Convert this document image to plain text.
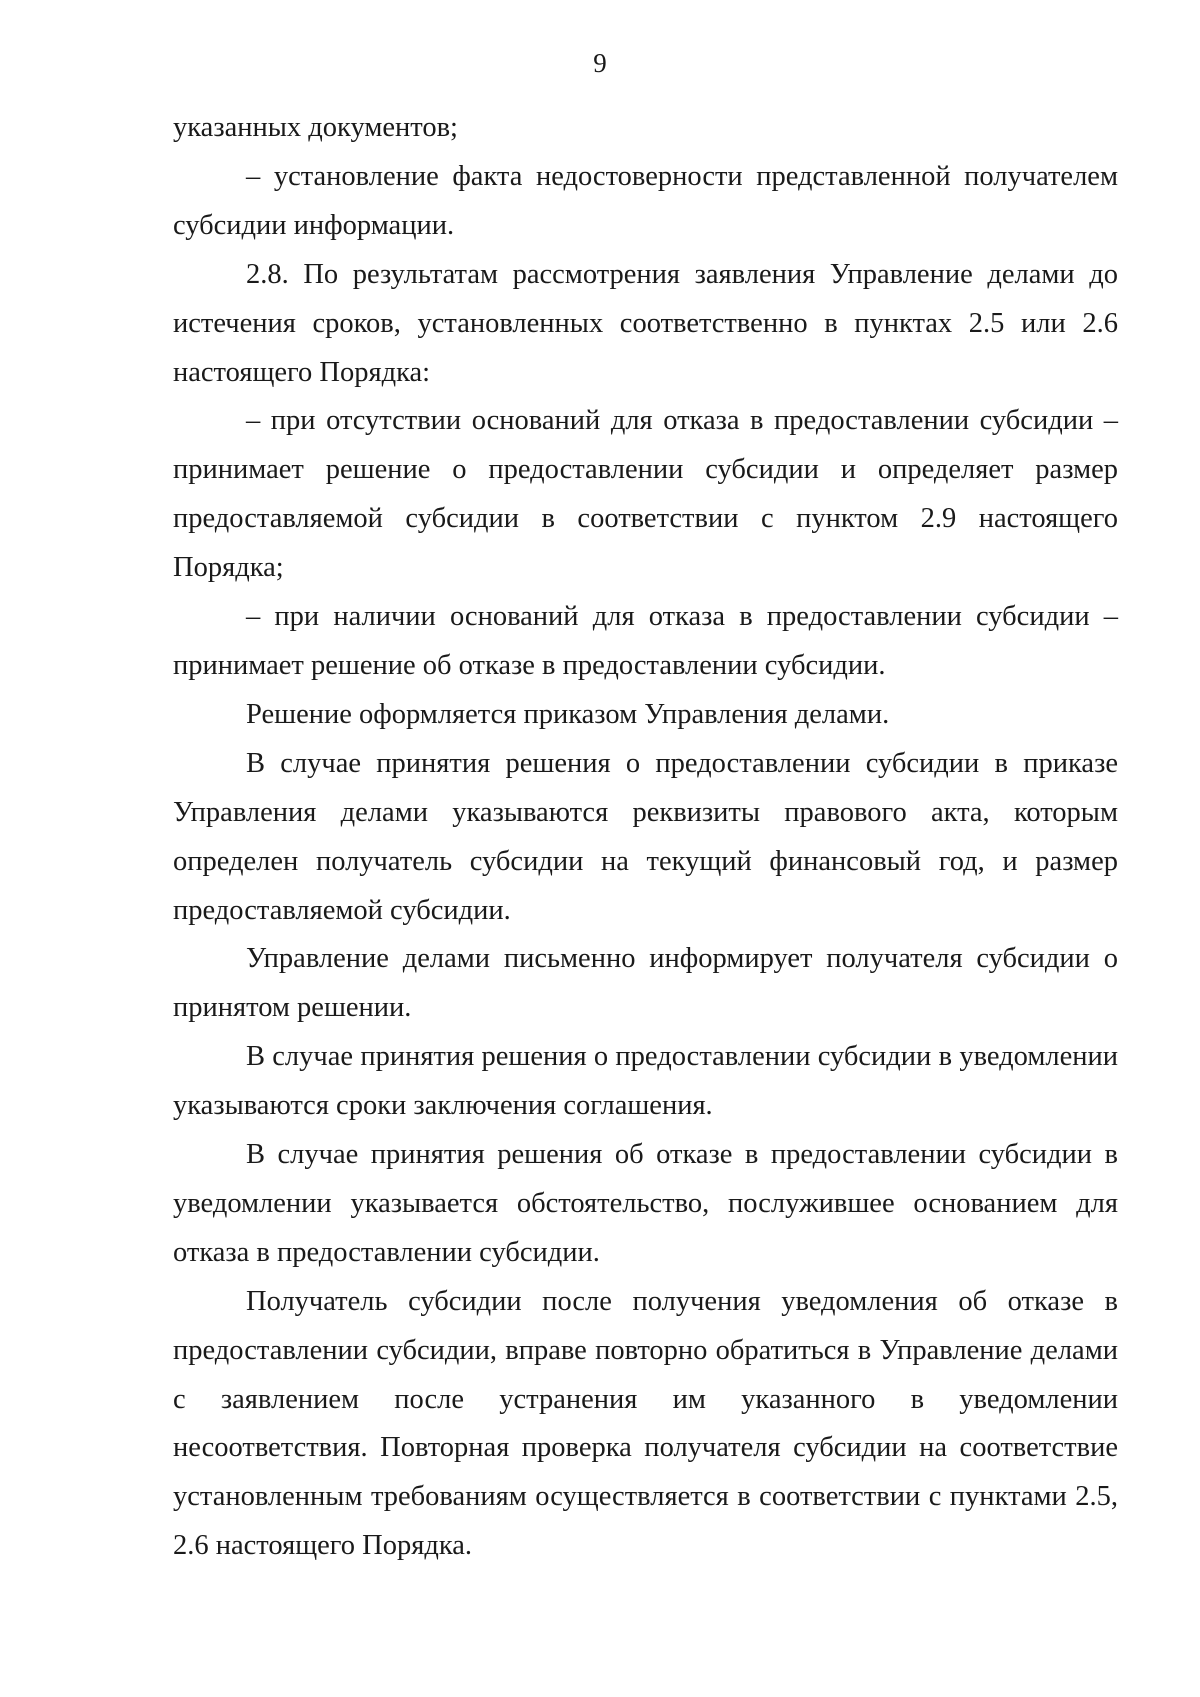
9

указанных документов;

– установление факта недостоверности представленной получателем субсидии информации.

2.8. По результатам рассмотрения заявления Управление делами до истечения сроков, установленных соответственно в пунктах 2.5 или 2.6 настоящего Порядка:

– при отсутствии оснований для отказа в предоставлении субсидии – принимает решение о предоставлении субсидии и определяет размер предоставляемой субсидии в соответствии с пунктом 2.9 настоящего Порядка;

– при наличии оснований для отказа в предоставлении субсидии – принимает решение об отказе в предоставлении субсидии.

Решение оформляется приказом Управления делами.

В случае принятия решения о предоставлении субсидии в приказе Управления делами указываются реквизиты правового акта, которым определен получатель субсидии на текущий финансовый год, и размер предоставляемой субсидии.

Управление делами письменно информирует получателя субсидии о принятом решении.

В случае принятия решения о предоставлении субсидии в уведомлении указываются сроки заключения соглашения.

В случае принятия решения об отказе в предоставлении субсидии в уведомлении указывается обстоятельство, послужившее основанием для отказа в предоставлении субсидии.

Получатель субсидии после получения уведомления об отказе в предоставлении субсидии, вправе повторно обратиться в Управление делами с заявлением после устранения им указанного в уведомлении несоответствия. Повторная проверка получателя субсидии на соответствие установленным требованиям осуществляется в соответствии с пунктами 2.5, 2.6 настоящего Порядка.
